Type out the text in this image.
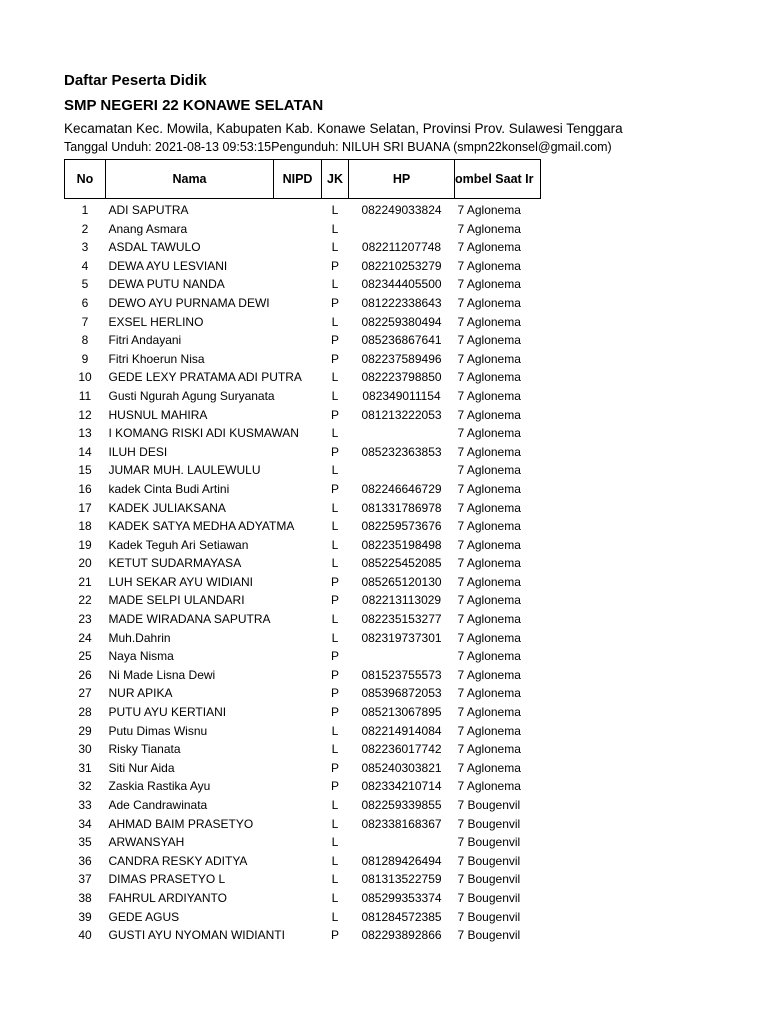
Daftar Peserta Didik
SMP NEGERI 22 KONAWE SELATAN
Kecamatan Kec. Mowila, Kabupaten Kab. Konawe Selatan, Provinsi Prov. Sulawesi Tenggara
Tanggal Unduh: 2021-08-13 09:53:15Pengunduh: NILUH SRI BUANA (smpn22konsel@gmail.com)
No	Nama	NIPD	JK	HP	ombel Saat Ir

1	ADI SAPUTRA		L	082249033824	7 Aglonema
2	Anang Asmara		L		7 Aglonema
3	ASDAL TAWULO		L	082211207748	7 Aglonema
4	DEWA AYU LESVIANI		P	082210253279	7 Aglonema
5	DEWA PUTU NANDA		L	082344405500	7 Aglonema
6	DEWO AYU PURNAMA DEWI		P	081222338643	7 Aglonema
7	EXSEL HERLINO		L	082259380494	7 Aglonema
8	Fitri Andayani		P	085236867641	7 Aglonema
9	Fitri Khoerun Nisa		P	082237589496	7 Aglonema
10	GEDE LEXY PRATAMA ADI PUTRA		L	082223798850	7 Aglonema
11	Gusti Ngurah Agung Suryanata		L	082349011154	7 Aglonema
12	HUSNUL MAHIRA		P	081213222053	7 Aglonema
13	I KOMANG RISKI ADI KUSMAWAN		L		7 Aglonema
14	ILUH DESI		P	085232363853	7 Aglonema
15	JUMAR MUH. LAULEWULU		L		7 Aglonema
16	kadek Cinta Budi Artini		P	082246646729	7 Aglonema
17	KADEK JULIAKSANA		L	081331786978	7 Aglonema
18	KADEK SATYA MEDHA ADYATMA		L	082259573676	7 Aglonema
19	Kadek Teguh Ari Setiawan		L	082235198498	7 Aglonema
20	KETUT SUDARMAYASA		L	085225452085	7 Aglonema
21	LUH SEKAR AYU WIDIANI		P	085265120130	7 Aglonema
22	MADE SELPI ULANDARI		P	082213113029	7 Aglonema
23	MADE WIRADANA SAPUTRA		L	082235153277	7 Aglonema
24	Muh.Dahrin		L	082319737301	7 Aglonema
25	Naya Nisma		P		7 Aglonema
26	Ni Made Lisna Dewi		P	081523755573	7 Aglonema
27	NUR APIKA		P	085396872053	7 Aglonema
28	PUTU AYU KERTIANI		P	085213067895	7 Aglonema
29	Putu Dimas Wisnu		L	082214914084	7 Aglonema
30	Risky Tianata		L	082236017742	7 Aglonema
31	Siti Nur Aida		P	085240303821	7 Aglonema
32	Zaskia Rastika Ayu		P	082334210714	7 Aglonema
33	Ade Candrawinata		L	082259339855	7 Bougenvil
34	AHMAD BAIM PRASETYO		L	082338168367	7 Bougenvil
35	ARWANSYAH		L		7 Bougenvil
36	CANDRA RESKY ADITYA		L	081289426494	7 Bougenvil
37	DIMAS PRASETYO L		L	081313522759	7 Bougenvil
38	FAHRUL ARDIYANTO		L	085299353374	7 Bougenvil
39	GEDE AGUS		L	081284572385	7 Bougenvil
40	GUSTI AYU NYOMAN WIDIANTI		P	082293892866	7 Bougenvil
